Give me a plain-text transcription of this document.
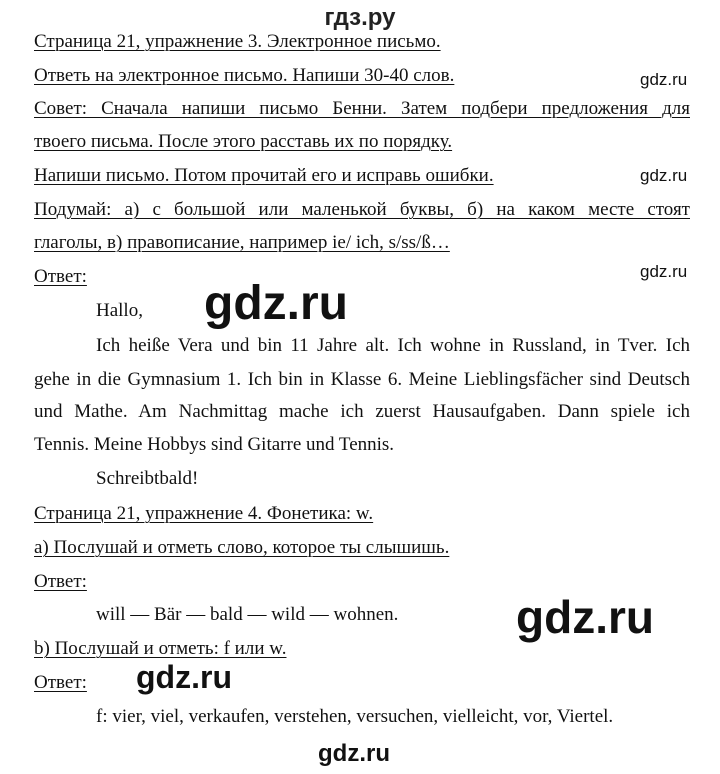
гдз.ру
Страница 21, упражнение 3. Электронное письмо.
Ответь на электронное письмо. Напиши 30-40 слов.
Совет: Сначала напиши письмо Бенни. Затем подбери предложения для
твоего письма. После этого расставь их по порядку.
Напиши письмо. Потом прочитай его и исправь ошибки.
Подумай: а) с большой или маленькой буквы, б) на каком месте стоят
глаголы, в) правописание, например ie/ ich, s/ss/ß…
Ответ:
Hallo,
Ich heiße Vera und bin 11 Jahre alt. Ich wohne in Russland, in Tver. Ich
gehe in die Gymnasium 1. Ich bin in Klasse 6. Meine Lieblingsfächer sind Deutsch
und Mathe. Am Nachmittag mache ich zuerst Hausaufgaben. Dann spiele ich
Tennis. Meine Hobbys sind Gitarre und Tennis.
Schreibtbald!
Страница 21, упражнение 4. Фонетика: w.
а) Послушай и отметь слово, которое ты слышишь.
Ответ:
will — Bär — bald — wild — wohnen.
b) Послушай и отметь: f или w.
Ответ:
f: vier, viel, verkaufen, verstehen, versuchen, vielleicht, vor, Viertel.
gdz.ru
gdz.ru
gdz.ru
gdz.ru
gdz.ru
gdz.ru
gdz.ru
